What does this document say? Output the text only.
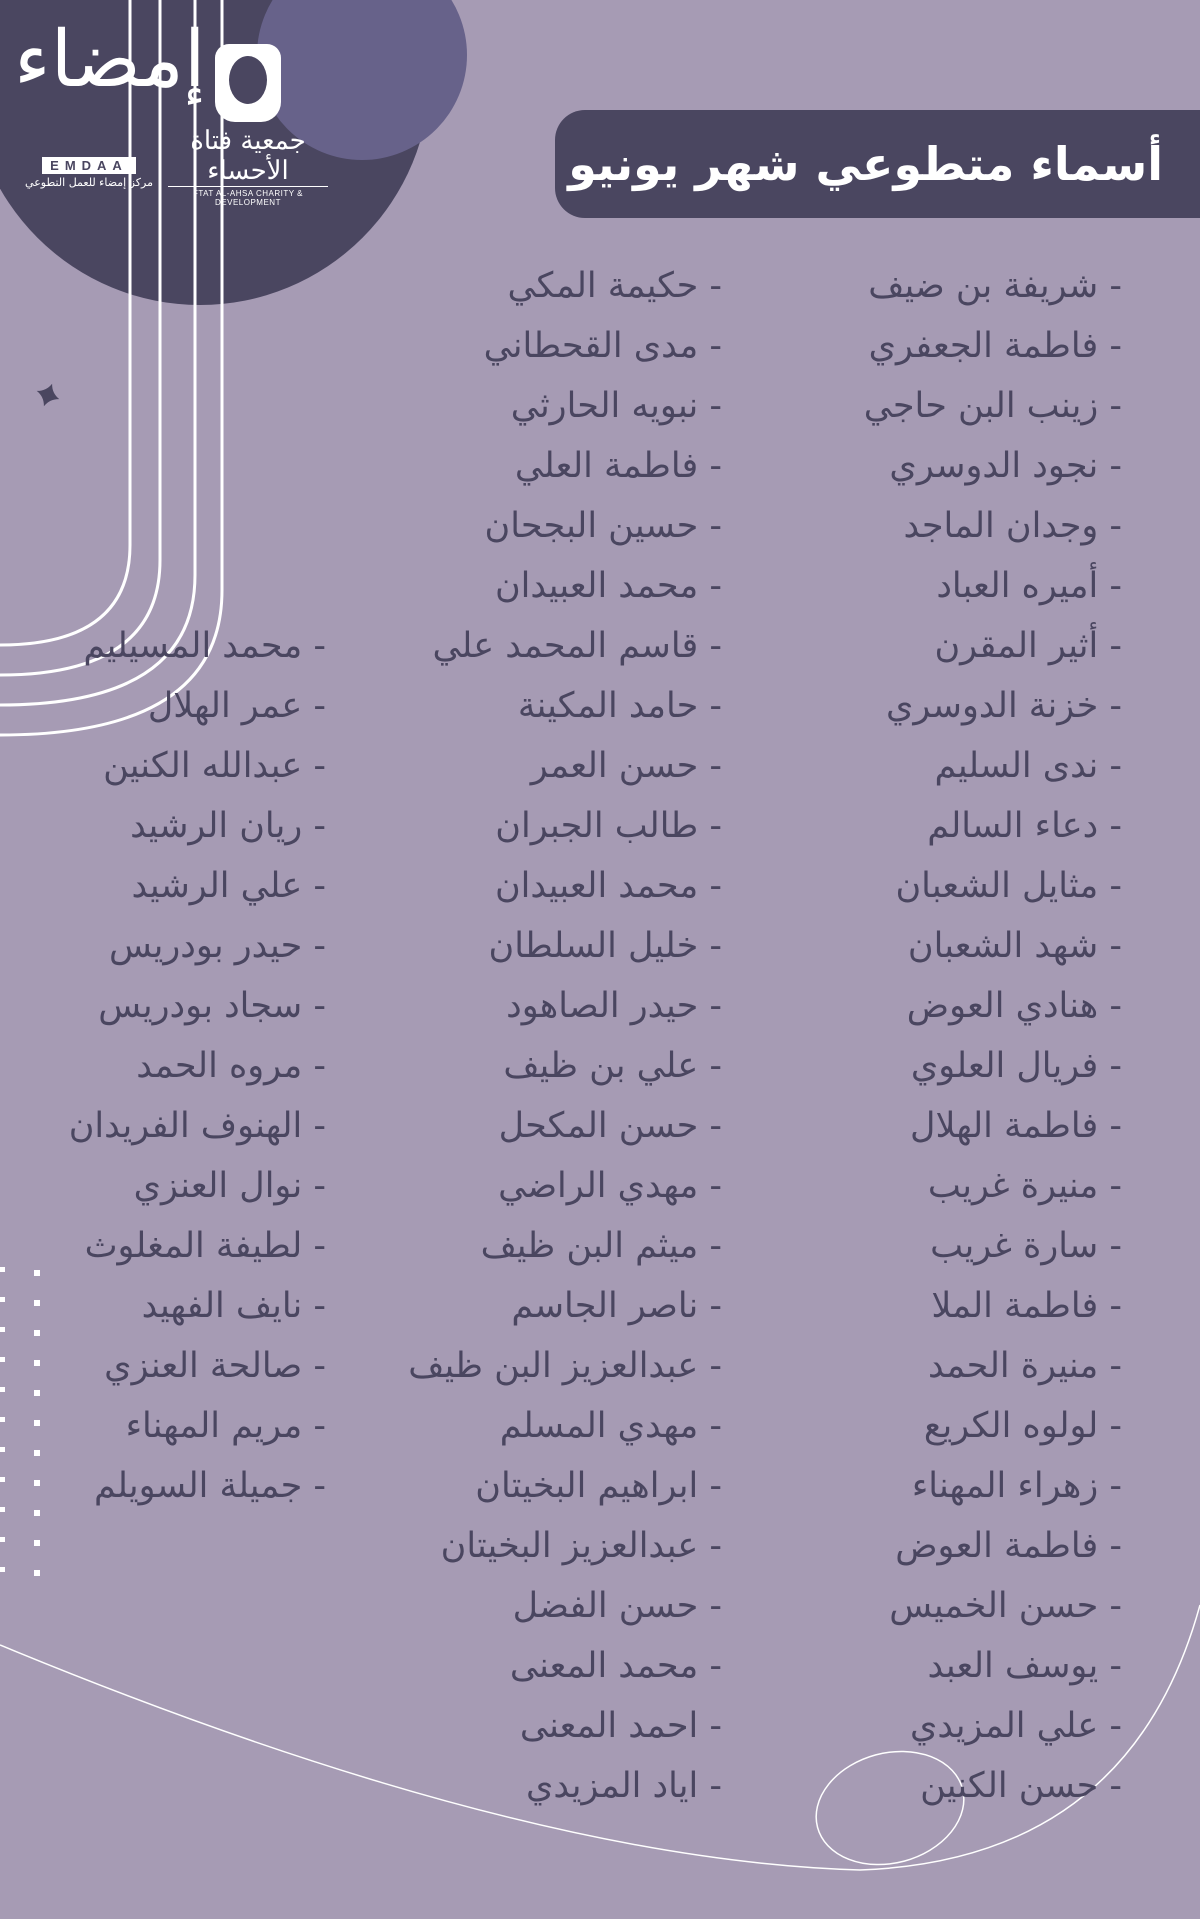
إمضاء
EMDAA
مركز إمضاء للعمل التطوعي
جمعية فتاة الأحساء
FTAT AL-AHSA CHARITY & DEVELOPMENT
أسماء متطوعي شهر يونيو
- شريفة بن ضيف
- فاطمة الجعفري
- زينب البن حاجي
- نجود الدوسري
- وجدان الماجد
- أميره العباد
- أثير المقرن
- خزنة الدوسري
- ندى السليم
- دعاء السالم
- مثايل الشعبان
- شهد الشعبان
- هنادي العوض
- فريال العلوي
- فاطمة الهلال
- منيرة غريب
- سارة غريب
- فاطمة الملا
- منيرة الحمد
- لولوه الكريع
- زهراء المهناء
- فاطمة العوض
- حسن الخميس
- يوسف العبد
- علي المزيدي
- حسن الكنين
- حكيمة المكي
- مدى القحطاني
- نبويه الحارثي
- فاطمة العلي
- حسين البجحان
- محمد العبيدان
- قاسم المحمد علي
- حامد المكينة
- حسن العمر
- طالب الجبران
- محمد العبيدان
- خليل السلطان
- حيدر الصاهود
- علي بن ظيف
- حسن المكحل
- مهدي الراضي
- ميثم البن ظيف
- ناصر الجاسم
- عبدالعزيز البن ظيف
- مهدي المسلم
- ابراهيم البخيتان
- عبدالعزيز البخيتان
- حسن الفضل
- محمد المعنى
- احمد المعنى
- اياد المزيدي
- محمد المسيليم
- عمر الهلال
- عبدالله الكنين
- ريان الرشيد
- علي الرشيد
- حيدر بودريس
- سجاد بودريس
- مروه الحمد
- الهنوف الفريدان
- نوال العنزي
- لطيفة المغلوث
- نايف الفهيد
- صالحة العنزي
- مريم المهناء
- جميلة السويلم
